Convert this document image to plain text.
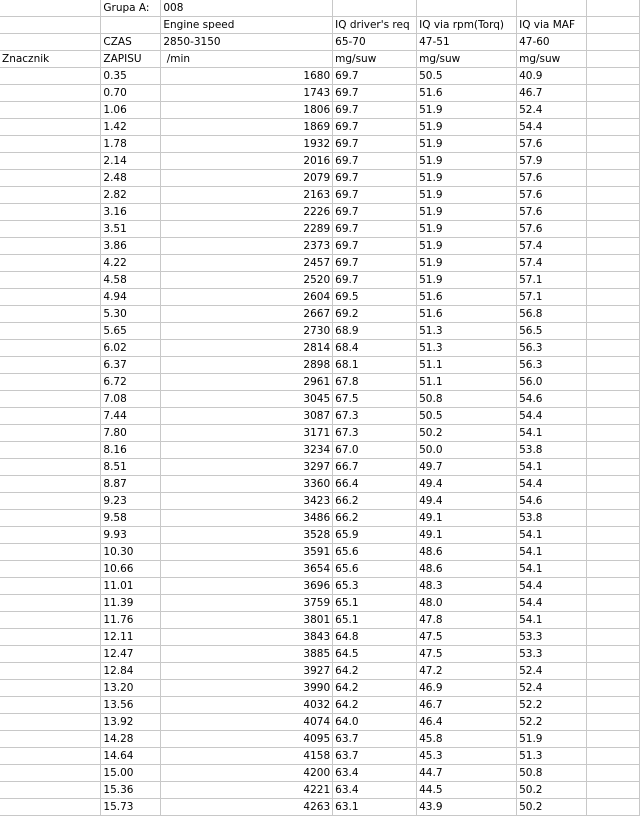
	Grupa A:	008				
		Engine speed	IQ driver's req	IQ via rpm(Torq)	IQ via MAF	
	CZAS	2850-3150	65-70	47-51	47-60	
Znacznik	ZAPISU	/min	mg/suw	mg/suw	mg/suw	
	0.35	1680	69.7	50.5	40.9	
	0.70	1743	69.7	51.6	46.7	
	1.06	1806	69.7	51.9	52.4	
	1.42	1869	69.7	51.9	54.4	
	1.78	1932	69.7	51.9	57.6	
	2.14	2016	69.7	51.9	57.9	
	2.48	2079	69.7	51.9	57.6	
	2.82	2163	69.7	51.9	57.6	
	3.16	2226	69.7	51.9	57.6	
	3.51	2289	69.7	51.9	57.6	
	3.86	2373	69.7	51.9	57.4	
	4.22	2457	69.7	51.9	57.4	
	4.58	2520	69.7	51.9	57.1	
	4.94	2604	69.5	51.6	57.1	
	5.30	2667	69.2	51.6	56.8	
	5.65	2730	68.9	51.3	56.5	
	6.02	2814	68.4	51.3	56.3	
	6.37	2898	68.1	51.1	56.3	
	6.72	2961	67.8	51.1	56.0	
	7.08	3045	67.5	50.8	54.6	
	7.44	3087	67.3	50.5	54.4	
	7.80	3171	67.3	50.2	54.1	
	8.16	3234	67.0	50.0	53.8	
	8.51	3297	66.7	49.7	54.1	
	8.87	3360	66.4	49.4	54.4	
	9.23	3423	66.2	49.4	54.6	
	9.58	3486	66.2	49.1	53.8	
	9.93	3528	65.9	49.1	54.1	
	10.30	3591	65.6	48.6	54.1	
	10.66	3654	65.6	48.6	54.1	
	11.01	3696	65.3	48.3	54.4	
	11.39	3759	65.1	48.0	54.4	
	11.76	3801	65.1	47.8	54.1	
	12.11	3843	64.8	47.5	53.3	
	12.47	3885	64.5	47.5	53.3	
	12.84	3927	64.2	47.2	52.4	
	13.20	3990	64.2	46.9	52.4	
	13.56	4032	64.2	46.7	52.2	
	13.92	4074	64.0	46.4	52.2	
	14.28	4095	63.7	45.8	51.9	
	14.64	4158	63.7	45.3	51.3	
	15.00	4200	63.4	44.7	50.8	
	15.36	4221	63.4	44.5	50.2	
	15.73	4263	63.1	43.9	50.2	
